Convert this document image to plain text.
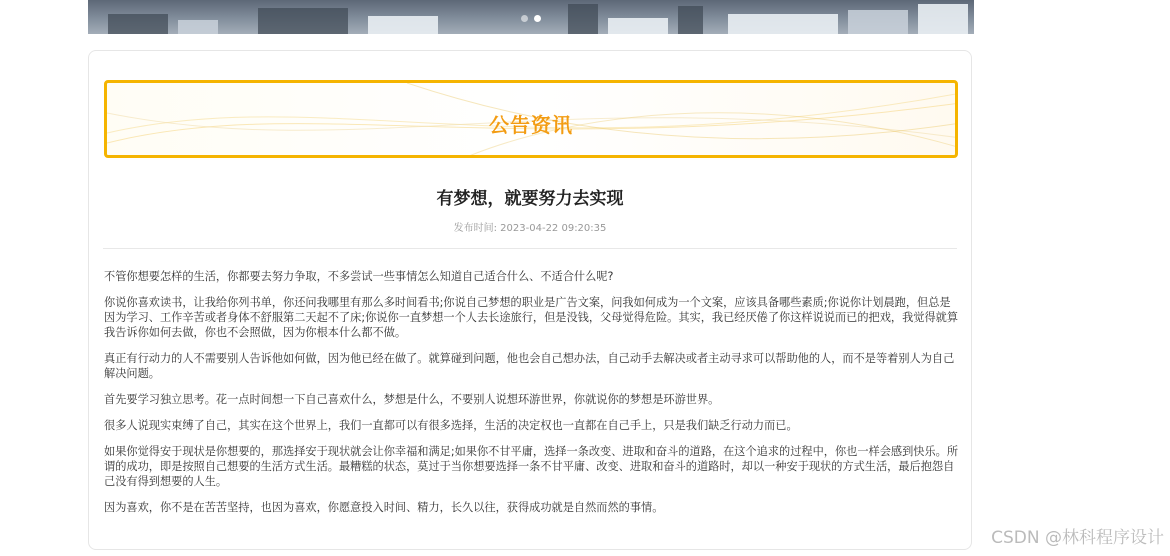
公告资讯
有梦想，就要努力去实现
发布时间: 2023-04-22 09:20:35

不管你想要怎样的生活，你都要去努力争取，不多尝试一些事情怎么知道自己适合什么、不适合什么呢?

你说你喜欢读书，让我给你列书单，你还问我哪里有那么多时间看书;你说自己梦想的职业是广告文案，问我如何成为一个文案，应该具备哪些素质;你说你计划晨跑，但总是因为学习、工作辛苦或者身体不舒服第二天起不了床;你说你一直梦想一个人去长途旅行，但是没钱，父母觉得危险。其实，我已经厌倦了你这样说说而已的把戏，我觉得就算我告诉你如何去做，你也不会照做，因为你根本什么都不做。

真正有行动力的人不需要别人告诉他如何做，因为他已经在做了。就算碰到问题，他也会自己想办法，自己动手去解决或者主动寻求可以帮助他的人，而不是等着别人为自己解决问题。

首先要学习独立思考。花一点时间想一下自己喜欢什么，梦想是什么，不要别人说想环游世界，你就说你的梦想是环游世界。

很多人说现实束缚了自己，其实在这个世界上，我们一直都可以有很多选择，生活的决定权也一直都在自己手上，只是我们缺乏行动力而已。

如果你觉得安于现状是你想要的，那选择安于现状就会让你幸福和满足;如果你不甘平庸，选择一条改变、进取和奋斗的道路，在这个追求的过程中，你也一样会感到快乐。所谓的成功，即是按照自己想要的生活方式生活。最糟糕的状态，莫过于当你想要选择一条不甘平庸、改变、进取和奋斗的道路时，却以一种安于现状的方式生活，最后抱怨自己没有得到想要的人生。

因为喜欢，你不是在苦苦坚持，也因为喜欢，你愿意投入时间、精力，长久以往，获得成功就是自然而然的事情。

CSDN @林科程序设计
